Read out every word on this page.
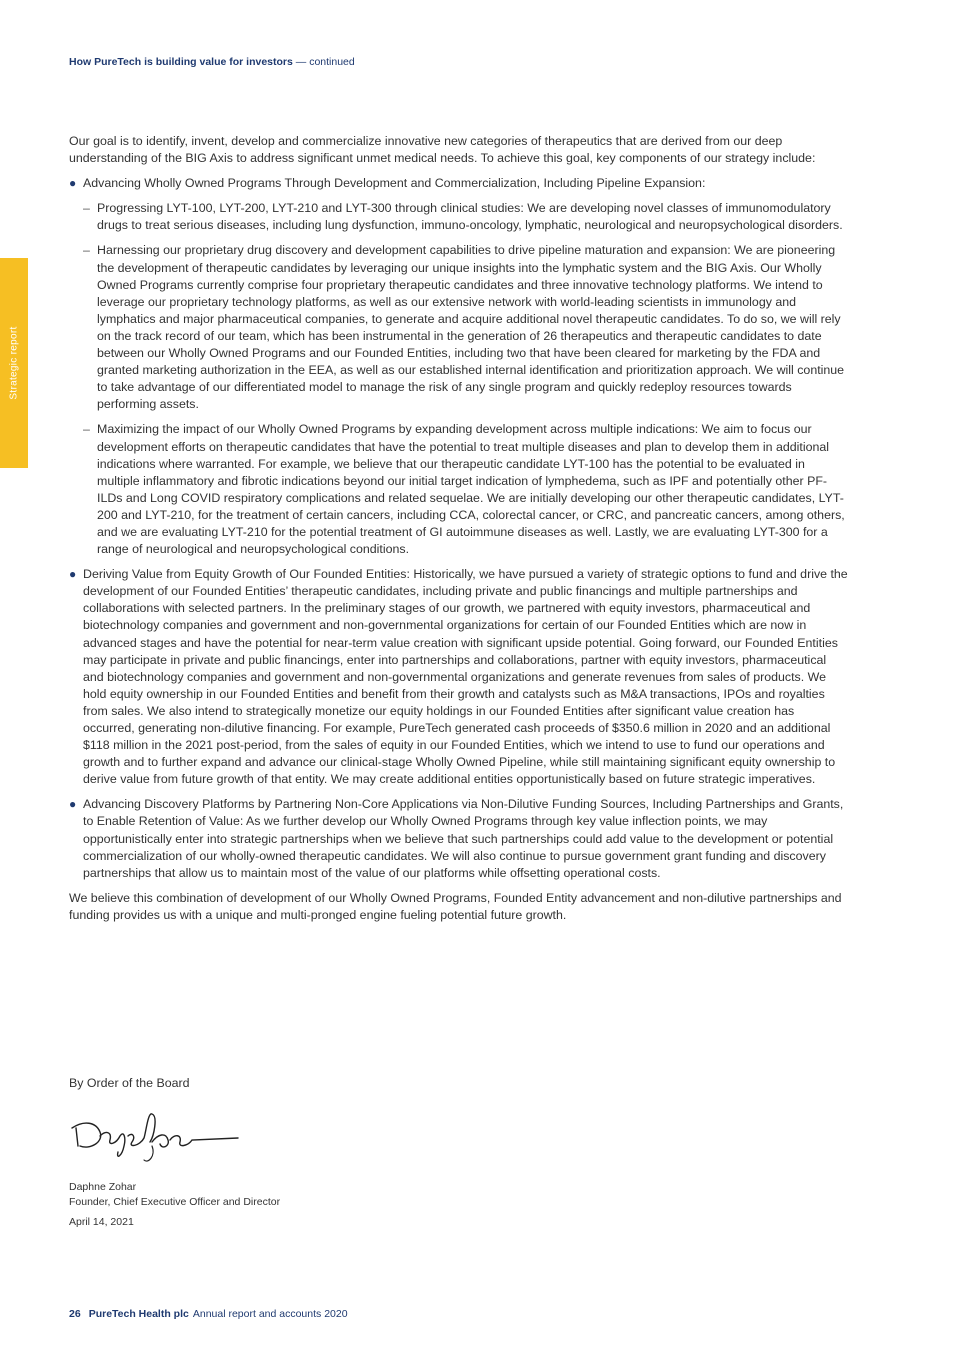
How PureTech is building value for investors — continued
Strategic report

Our goal is to identify, invent, develop and commercialize innovative new categories of therapeutics that are derived from our deep understanding of the BIG Axis to address significant unmet medical needs. To achieve this goal, key components of our strategy include:

● Advancing Wholly Owned Programs Through Development and Commercialization, Including Pipeline Expansion:
– Progressing LYT-100, LYT-200, LYT-210 and LYT-300 through clinical studies: We are developing novel classes of immunomodulatory drugs to treat serious diseases, including lung dysfunction, immuno-oncology, lymphatic, neurological and neuropsychological disorders.
– Harnessing our proprietary drug discovery and development capabilities to drive pipeline maturation and expansion: We are pioneering the development of therapeutic candidates by leveraging our unique insights into the lymphatic system and the BIG Axis. Our Wholly Owned Programs currently comprise four proprietary therapeutic candidates and three innovative technology platforms. We intend to leverage our proprietary technology platforms, as well as our extensive network with world-leading scientists in immunology and lymphatics and major pharmaceutical companies, to generate and acquire additional novel therapeutic candidates. To do so, we will rely on the track record of our team, which has been instrumental in the generation of 26 therapeutics and therapeutic candidates to date between our Wholly Owned Programs and our Founded Entities, including two that have been cleared for marketing by the FDA and granted marketing authorization in the EEA, as well as our established internal identification and prioritization approach. We will continue to take advantage of our differentiated model to manage the risk of any single program and quickly redeploy resources towards performing assets.
– Maximizing the impact of our Wholly Owned Programs by expanding development across multiple indications: We aim to focus our development efforts on therapeutic candidates that have the potential to treat multiple diseases and plan to develop them in additional indications where warranted. For example, we believe that our therapeutic candidate LYT-100 has the potential to be evaluated in multiple inflammatory and fibrotic indications beyond our initial target indication of lymphedema, such as IPF and potentially other PF-ILDs and Long COVID respiratory complications and related sequelae. We are initially developing our other therapeutic candidates, LYT-200 and LYT-210, for the treatment of certain cancers, including CCA, colorectal cancer, or CRC, and pancreatic cancers, among others, and we are evaluating LYT-210 for the potential treatment of GI autoimmune diseases as well. Lastly, we are evaluating LYT-300 for a range of neurological and neuropsychological conditions.
● Deriving Value from Equity Growth of Our Founded Entities: Historically, we have pursued a variety of strategic options to fund and drive the development of our Founded Entities’ therapeutic candidates, including private and public financings and multiple partnerships and collaborations with selected partners. In the preliminary stages of our growth, we partnered with equity investors, pharmaceutical and biotechnology companies and government and non-governmental organizations for certain of our Founded Entities which are now in advanced stages and have the potential for near-term value creation with significant upside potential. Going forward, our Founded Entities may participate in private and public financings, enter into partnerships and collaborations, partner with equity investors, pharmaceutical and biotechnology companies and government and non-governmental organizations and generate revenues from sales of products. We hold equity ownership in our Founded Entities and benefit from their growth and catalysts such as M&A transactions, IPOs and royalties from sales. We also intend to strategically monetize our equity holdings in our Founded Entities after significant value creation has occurred, generating non-dilutive financing. For example, PureTech generated cash proceeds of $350.6 million in 2020 and an additional $118 million in the 2021 post-period, from the sales of equity in our Founded Entities, which we intend to use to fund our operations and growth and to further expand and advance our clinical-stage Wholly Owned Pipeline, while still maintaining significant equity ownership to derive value from future growth of that entity. We may create additional entities opportunistically based on future strategic imperatives.
● Advancing Discovery Platforms by Partnering Non-Core Applications via Non-Dilutive Funding Sources, Including Partnerships and Grants, to Enable Retention of Value: As we further develop our Wholly Owned Programs through key value inflection points, we may opportunistically enter into strategic partnerships when we believe that such partnerships could add value to the development or potential commercialization of our wholly-owned therapeutic candidates. We will also continue to pursue government grant funding and discovery partnerships that allow us to maintain most of the value of our platforms while offsetting operational costs.

We believe this combination of development of our Wholly Owned Programs, Founded Entity advancement and non-dilutive partnerships and funding provides us with a unique and multi-pronged engine fueling potential future growth.

By Order of the Board
Daphne Zohar
Founder, Chief Executive Officer and Director
April 14, 2021
26 PureTech Health plc Annual report and accounts 2020
